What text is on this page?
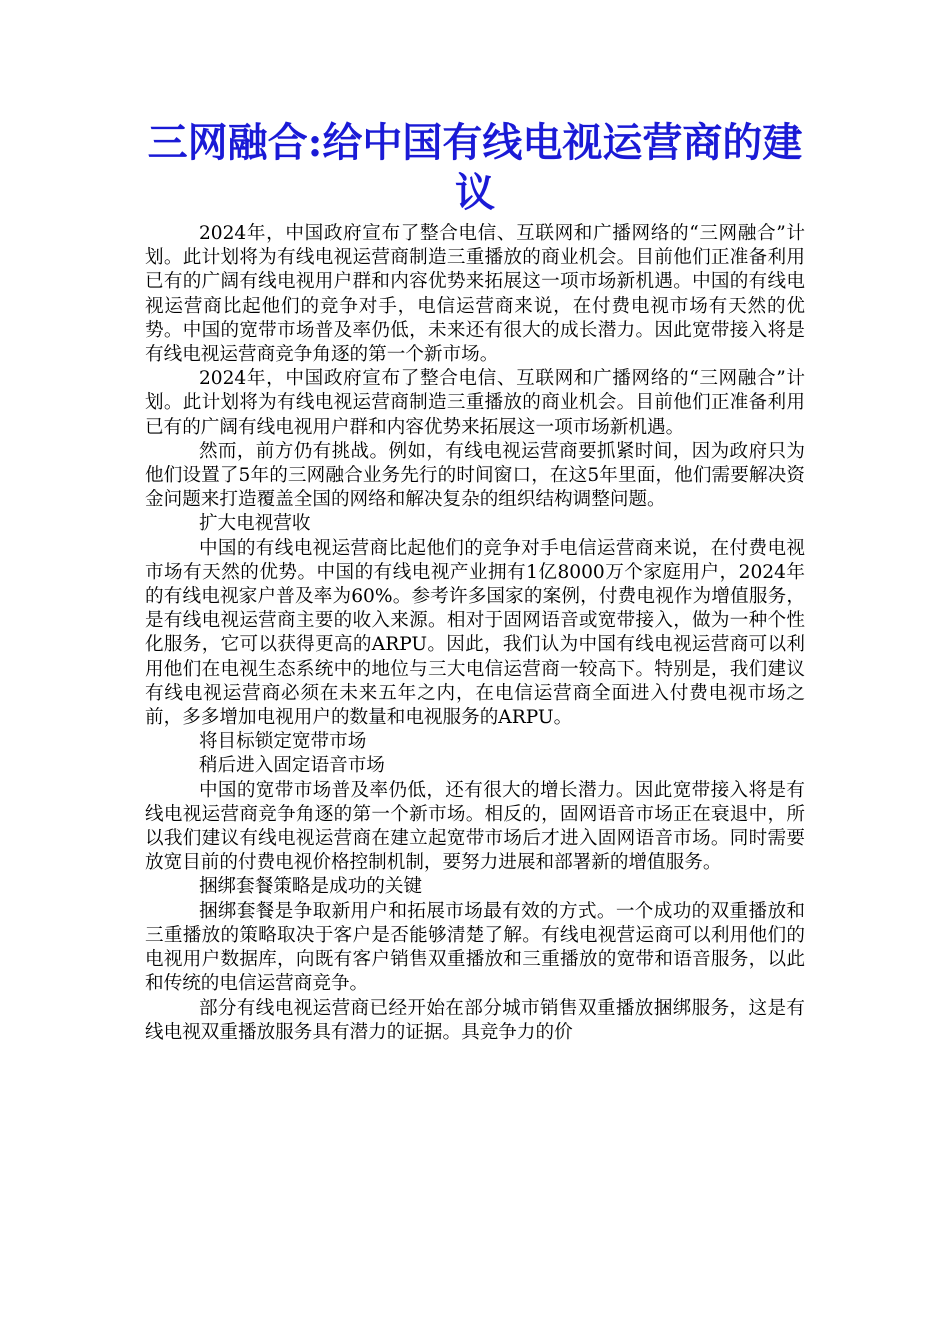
三网融合:给中国有线电视运营商的建议

2024年，中国政府宣布了整合电信、互联网和广播网络的“三网融合”计划。此计划将为有线电视运营商制造三重播放的商业机会。目前他们正准备利用已有的广阔有线电视用户群和内容优势来拓展这一项市场新机遇。中国的有线电视运营商比起他们的竞争对手，电信运营商来说，在付费电视市场有天然的优势。中国的宽带市场普及率仍低，未来还有很大的成长潜力。因此宽带接入将是有线电视运营商竞争角逐的第一个新市场。

2024年，中国政府宣布了整合电信、互联网和广播网络的“三网融合”计划。此计划将为有线电视运营商制造三重播放的商业机会。目前他们正准备利用已有的广阔有线电视用户群和内容优势来拓展这一项市场新机遇。

然而，前方仍有挑战。例如，有线电视运营商要抓紧时间，因为政府只为他们设置了5年的三网融合业务先行的时间窗口，在这5年里面，他们需要解决资金问题来打造覆盖全国的网络和解决复杂的组织结构调整问题。

扩大电视营收

中国的有线电视运营商比起他们的竞争对手电信运营商来说，在付费电视市场有天然的优势。中国的有线电视产业拥有1亿8000万个家庭用户，2024年的有线电视家户普及率为60%。参考许多国家的案例，付费电视作为增值服务，是有线电视运营商主要的收入来源。相对于固网语音或宽带接入，做为一种个性化服务，它可以获得更高的ARPU。因此，我们认为中国有线电视运营商可以利用他们在电视生态系统中的地位与三大电信运营商一较高下。特别是，我们建议有线电视运营商必须在未来五年之内，在电信运营商全面进入付费电视市场之前，多多增加电视用户的数量和电视服务的ARPU。

将目标锁定宽带市场

稍后进入固定语音市场

中国的宽带市场普及率仍低，还有很大的增长潜力。因此宽带接入将是有线电视运营商竞争角逐的第一个新市场。相反的，固网语音市场正在衰退中，所以我们建议有线电视运营商在建立起宽带市场后才进入固网语音市场。同时需要放宽目前的付费电视价格控制机制，要努力进展和部署新的增值服务。

捆绑套餐策略是成功的关键

捆绑套餐是争取新用户和拓展市场最有效的方式。一个成功的双重播放和三重播放的策略取决于客户是否能够清楚了解。有线电视营运商可以利用他们的电视用户数据库，向既有客户销售双重播放和三重播放的宽带和语音服务，以此和传统的电信运营商竞争。

部分有线电视运营商已经开始在部分城市销售双重播放捆绑服务，这是有线电视双重播放服务具有潜力的证据。具竞争力的价
